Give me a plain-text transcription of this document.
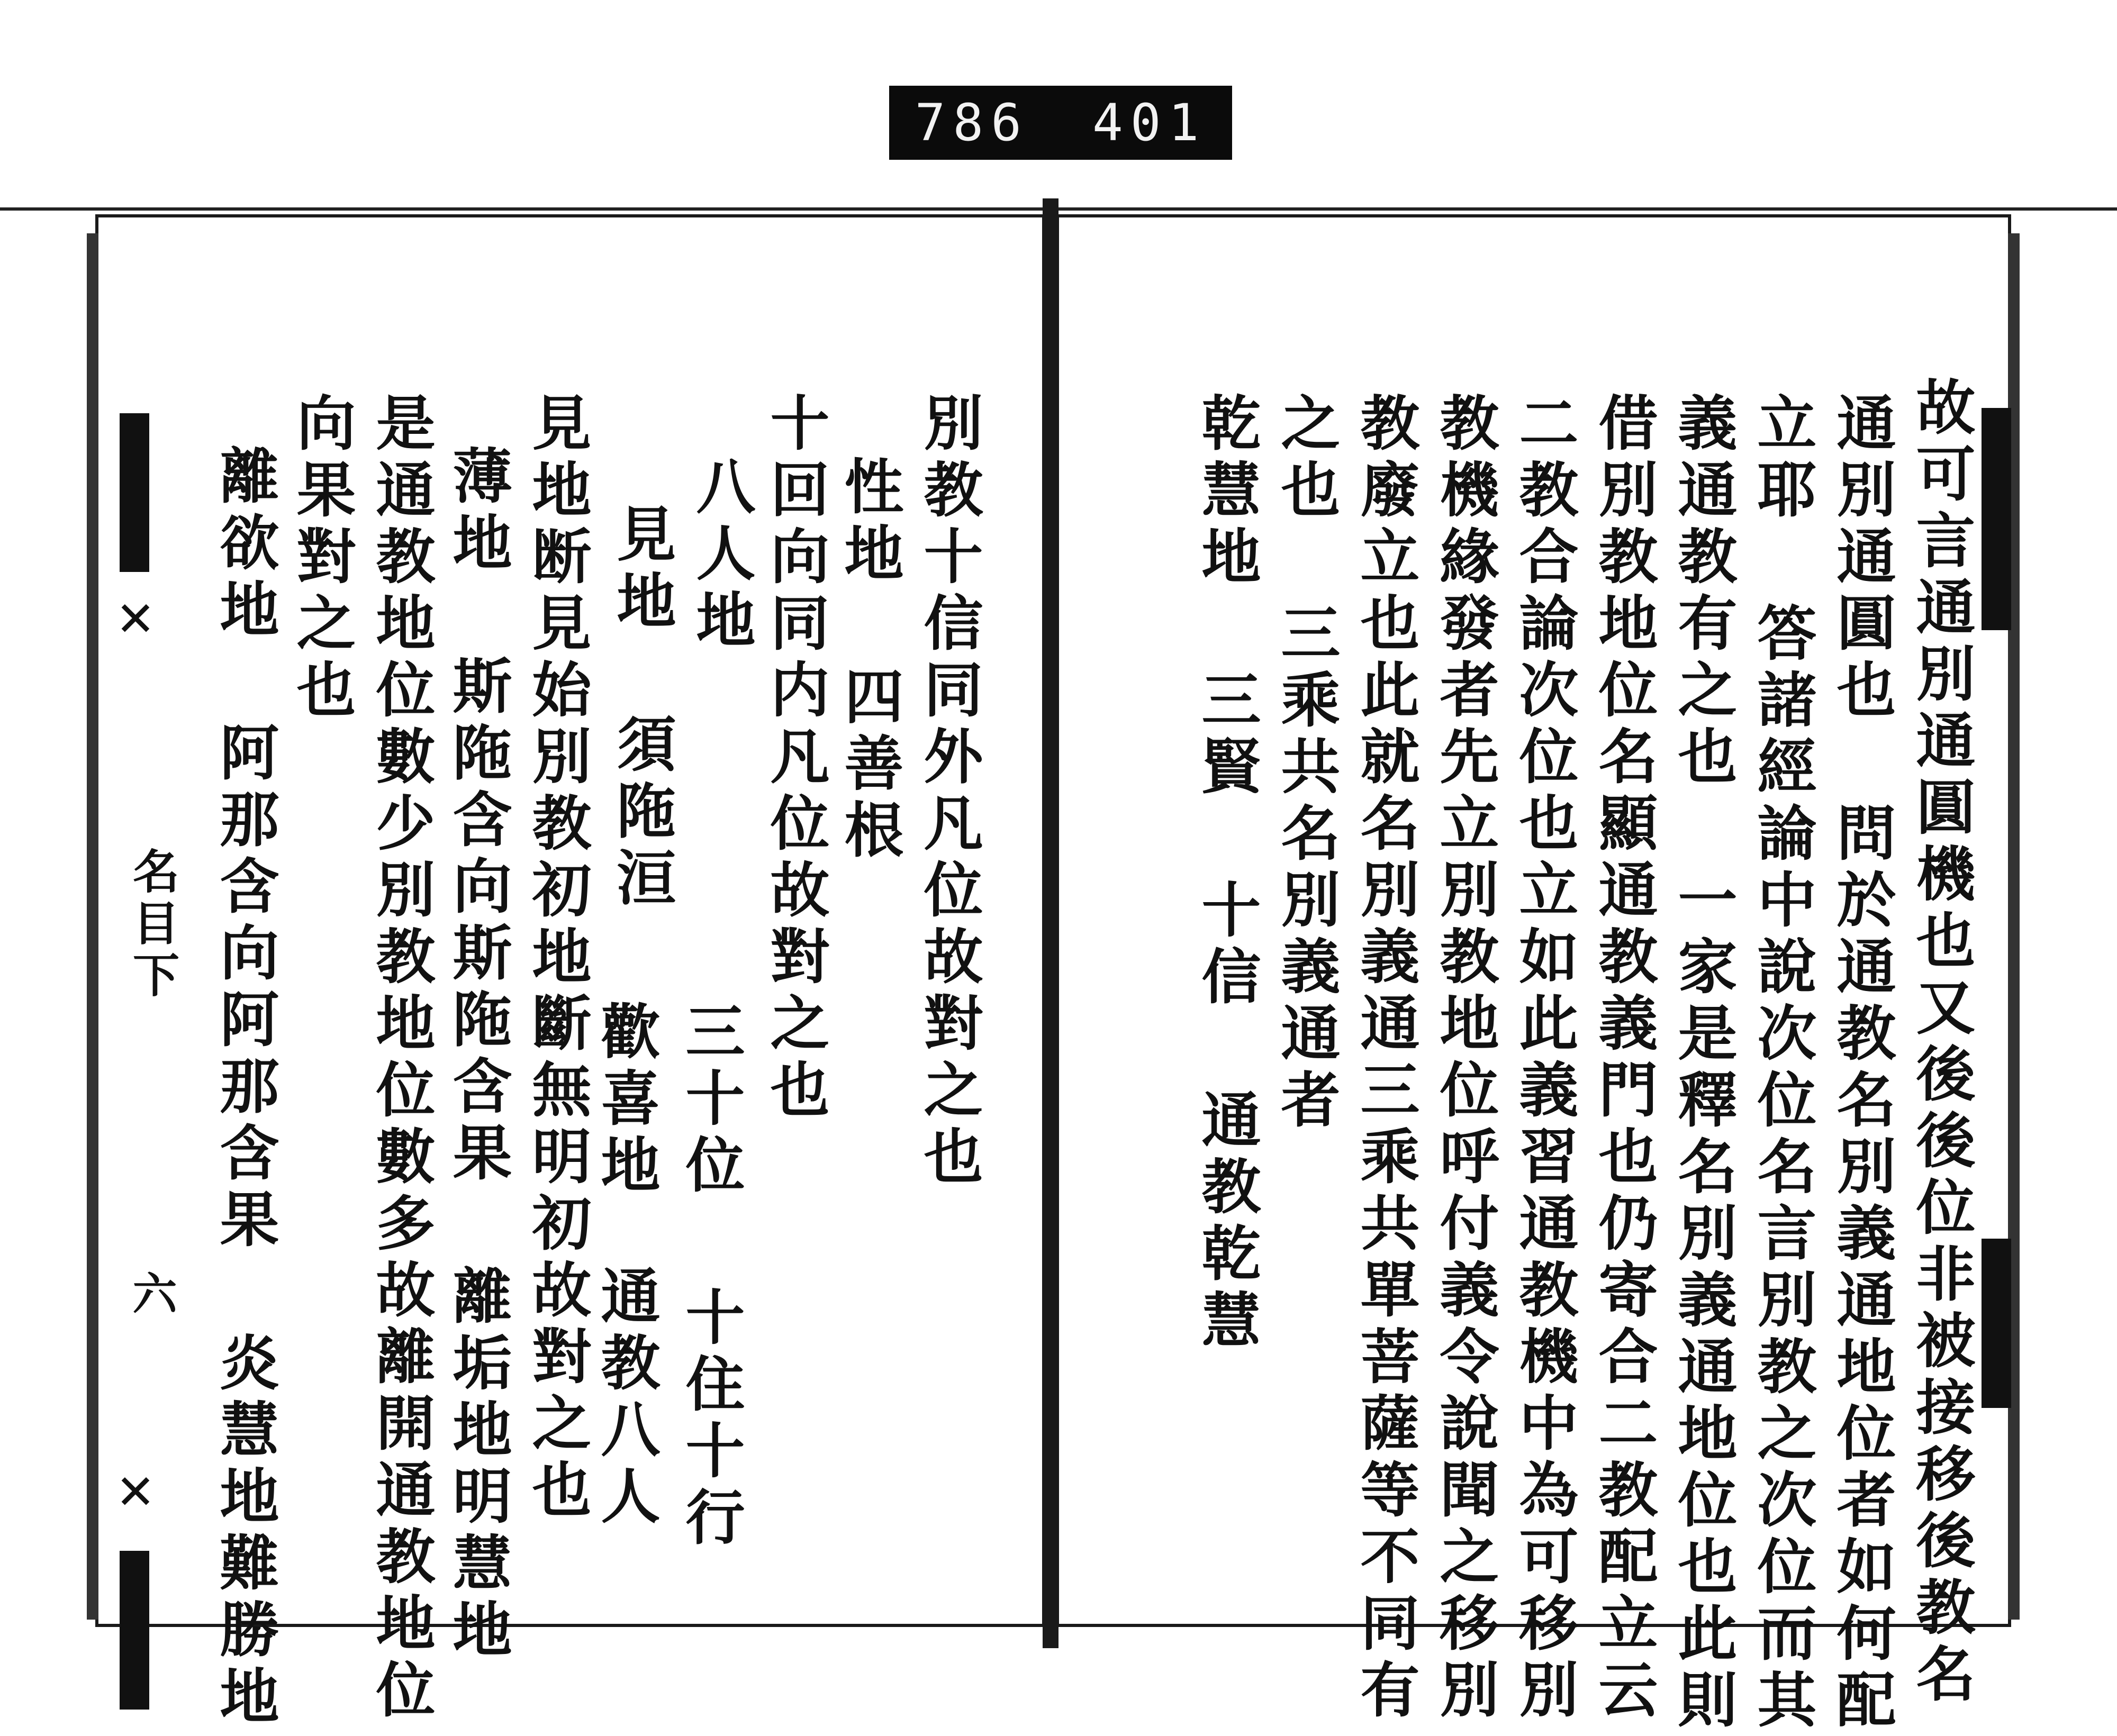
786 401
✕
名目下
六
✕
別教十信同外凡位故對之也
性地 四善根
十回向同内凡位故對之也
三十位
十住十行
八人地
見地 須陁洹
歡喜地
通教八人
見地断見始別教初地斷無明初故對之也
薄地 斯陁含向斯陁含果 離垢地明慧地
是通教地位數少別教地位數多故離開通教地位
向果對之也
離欲地 阿那含向阿那含果 炎慧地難勝地	故可言通別通圓機也又後後位非被接移後教名
通別通圓也 問於通教名別義通地位者如何配
立耶 答諸經論中說次位名言別教之次位而其
義通教有之也 一家是釋名別義通地位也此則
借別教地位名顯通教義門也仍寄合二教配立云
二教合論次位也立如此義習通教機中為可移別
教機緣發者先立別教地位呼付義令說聞之移別
教廢立也此就名別義通三乘共單菩薩等不同有
之也 三乘共名別義通者
乾慧地 三賢 十信 通教乾慧
